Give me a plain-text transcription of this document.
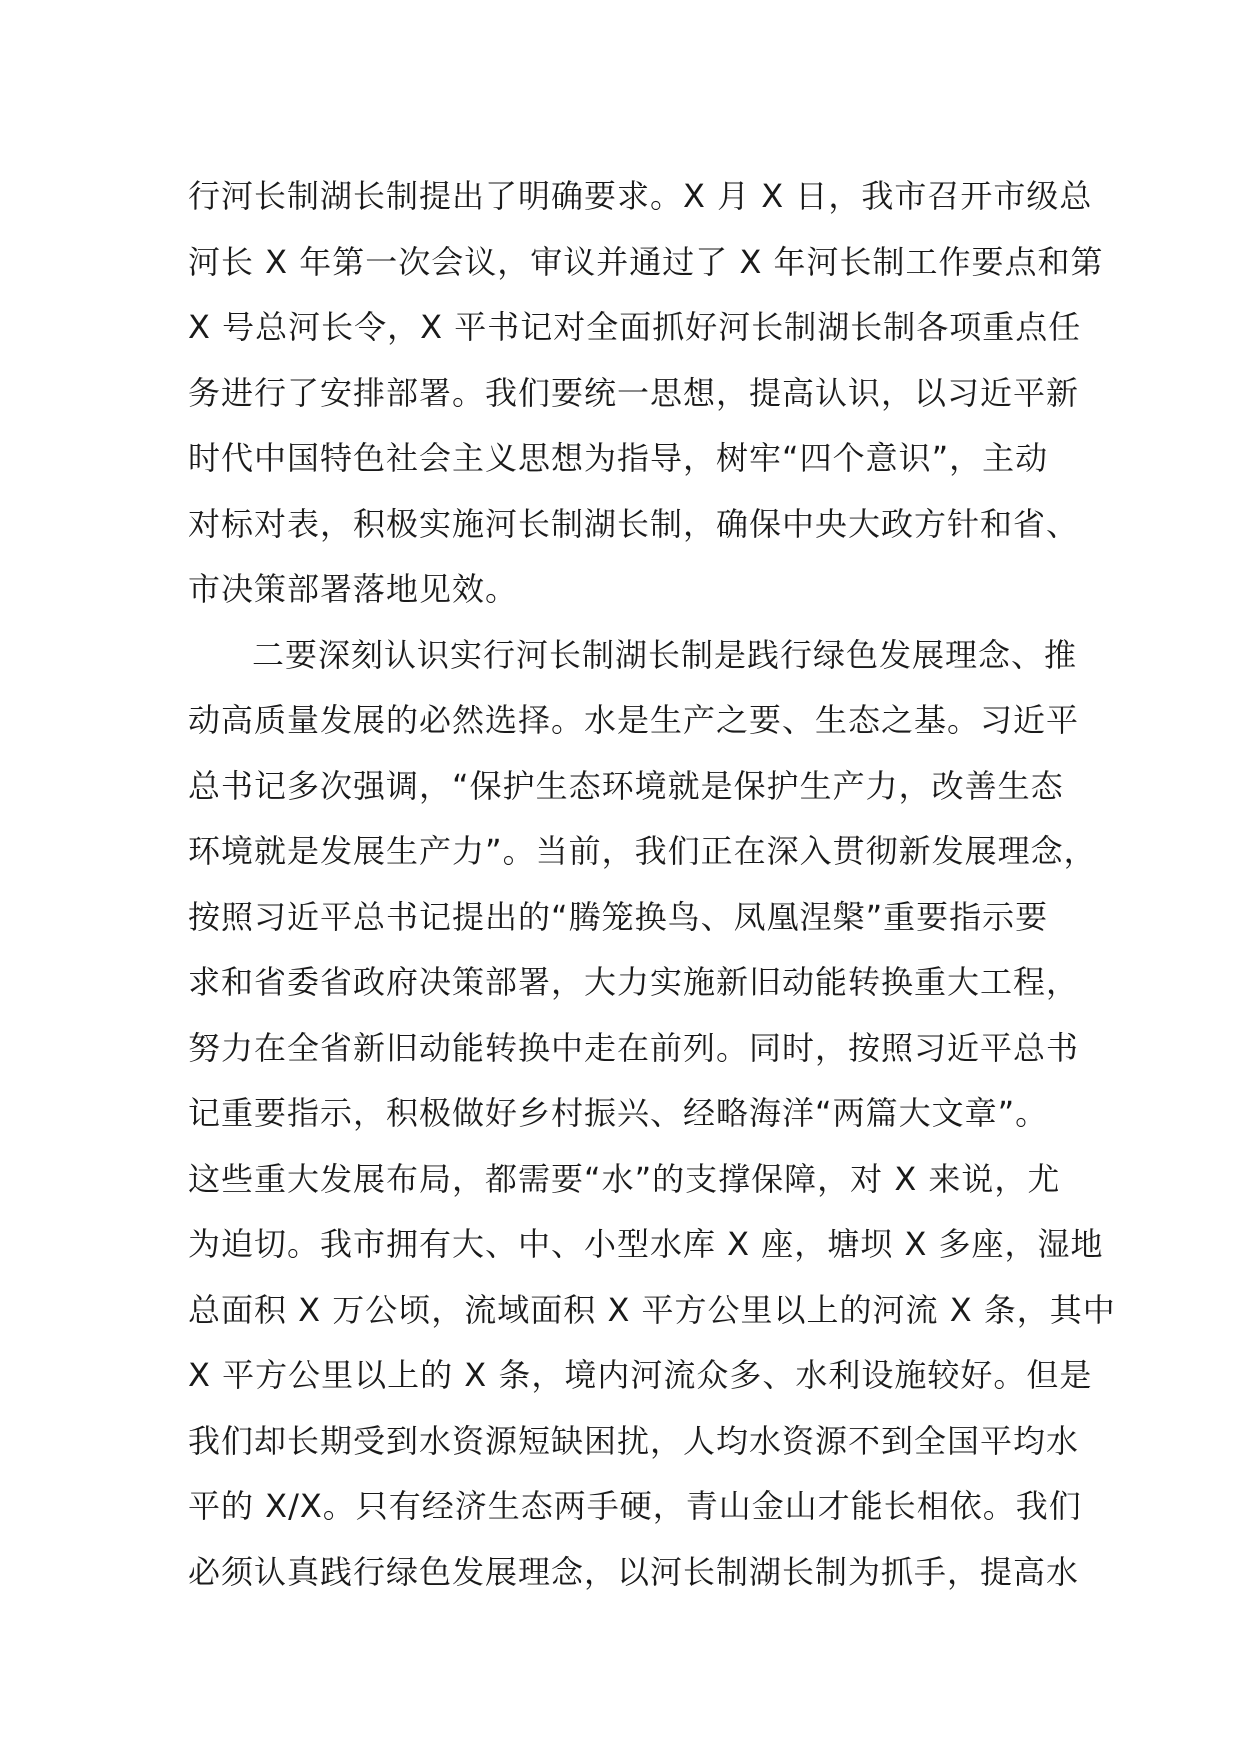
行河长制湖长制提出了明确要求。X 月 X 日，我市召开市级总
河长 X 年第一次会议，审议并通过了 X 年河长制工作要点和第
X 号总河长令，X 平书记对全面抓好河长制湖长制各项重点任
务进行了安排部署。我们要统一思想，提高认识，以习近平新
时代中国特色社会主义思想为指导，树牢“四个意识”，主动
对标对表，积极实施河长制湖长制，确保中央大政方针和省、
市决策部署落地见效。
二要深刻认识实行河长制湖长制是践行绿色发展理念、推
动高质量发展的必然选择。水是生产之要、生态之基。习近平
总书记多次强调，“保护生态环境就是保护生产力，改善生态
环境就是发展生产力”。当前，我们正在深入贯彻新发展理念，
按照习近平总书记提出的“腾笼换鸟、凤凰涅槃”重要指示要
求和省委省政府决策部署，大力实施新旧动能转换重大工程，
努力在全省新旧动能转换中走在前列。同时，按照习近平总书
记重要指示，积极做好乡村振兴、经略海洋“两篇大文章”。
这些重大发展布局，都需要“水”的支撑保障，对 X 来说，尤
为迫切。我市拥有大、中、小型水库 X 座，塘坝 X 多座，湿地
总面积 X 万公顷，流域面积 X 平方公里以上的河流 X 条，其中
X 平方公里以上的 X 条，境内河流众多、水利设施较好。但是
我们却长期受到水资源短缺困扰，人均水资源不到全国平均水
平的 X/X。只有经济生态两手硬，青山金山才能长相依。我们
必须认真践行绿色发展理念，以河长制湖长制为抓手，提高水
